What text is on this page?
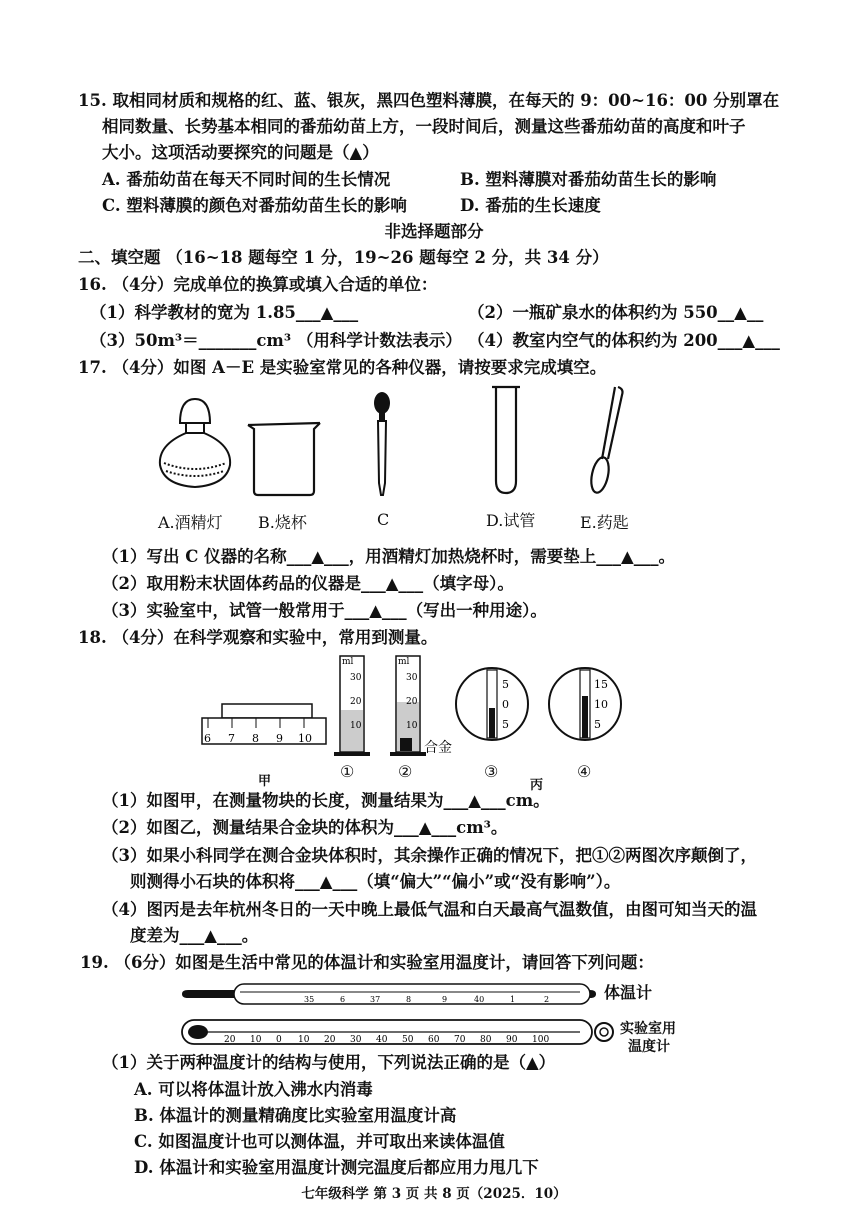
15. 取相同材质和规格的红、蓝、银灰，黑四色塑料薄膜，在每天的 9：00~16：00 分别罩在
相同数量、长势基本相同的番茄幼苗上方，一段时间后，测量这些番茄幼苗的高度和叶子
大小。这项活动要探究的问题是（▲）
A. 番茄幼苗在每天不同时间的生长情况	B. 塑料薄膜对番茄幼苗生长的影响
C. 塑料薄膜的颜色对番茄幼苗生长的影响	D. 番茄的生长速度
非选择题部分
二、填空题 （16~18 题每空 1 分，19~26 题每空 2 分，共 34 分）
16. （4分）完成单位的换算或填入合适的单位：
（1）科学教材的宽为 1.85___▲___	（2）一瓶矿泉水的体积约为 550__▲__
（3）50m³＝_______cm³ （用科学计数法表示） （4）教室内空气的体积约为 200___▲___
17. （4分）如图 A－E 是实验室常见的各种仪器，请按要求完成填空。
A.酒精灯 B.烧杯	C	D.试管	E.药匙
（1）写出 C 仪器的名称___▲___，用酒精灯加热烧杯时，需要垫上___▲___。
（2）取用粉末状固体药品的仪器是___▲___（填字母）。
（3）实验室中，试管一般常用于___▲___（写出一种用途）。
18. （4分）在科学观察和实验中，常用到测量。
6 7 8 9 10
ml
30
20
10
ml
30
20
10
合金
5
0
5
15
10
5
①	②	③	④
甲	丙
（1）如图甲，在测量物块的长度，测量结果为___▲___cm。
（2）如图乙，测量结果合金块的体积为___▲___cm³。
（3）如果小科同学在测合金块体积时，其余操作正确的情况下，把①②两图次序颠倒了，
则测得小石块的体积将___▲___（填“偏大”“偏小”或“没有影响”）。
（4）图丙是去年杭州冬日的一天中晚上最低气温和白天最高气温数值，由图可知当天的温
度差为___▲___。
19. （6分）如图是生活中常见的体温计和实验室用温度计，请回答下列问题：
35	6	37	8	9	40	1	2
20 10 0 10 20 30 40 50 60 70 80 90 100
体温计
实验室用
温度计
（1）关于两种温度计的结构与使用，下列说法正确的是（▲）
A. 可以将体温计放入沸水内消毒
B. 体温计的测量精确度比实验室用温度计高
C. 如图温度计也可以测体温，并可取出来读体温值
D. 体温计和实验室用温度计测完温度后都应用力甩几下
七年级科学 第 3 页 共 8 页（2025．10）
